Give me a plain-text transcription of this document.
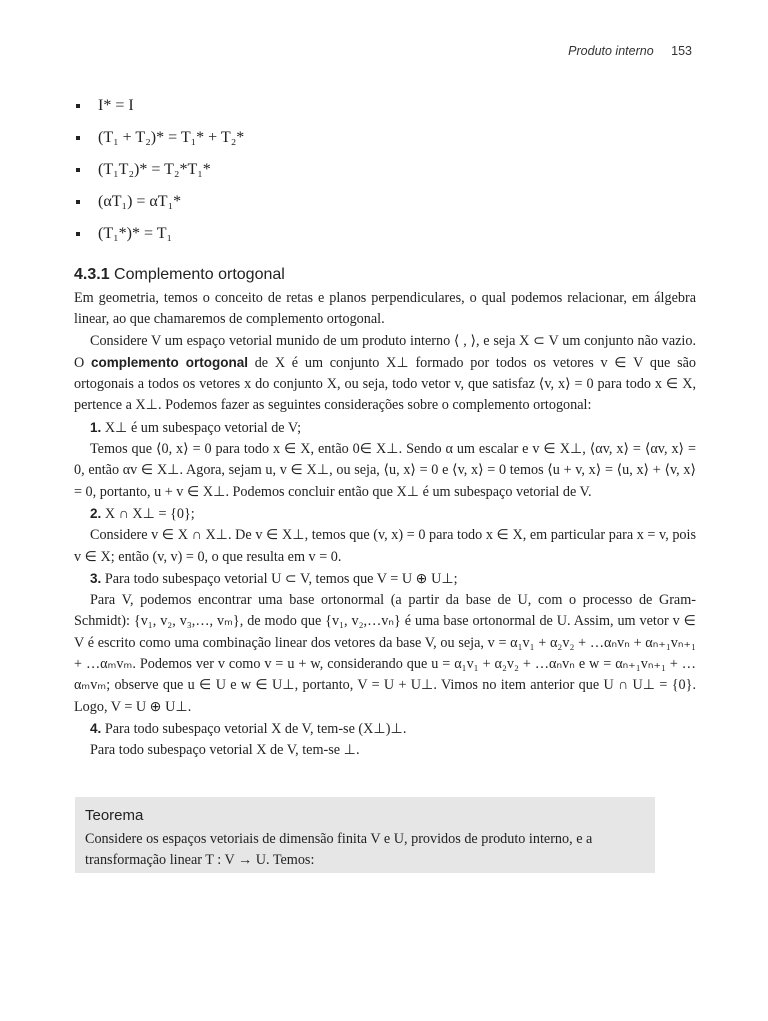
Produto interno 153
I* = I
(T₁ + T₂)* = T₁* + T₂*
(T₁T₂)* = T₂*T₁*
(αT₁) = αT₁*
(T₁*)* = T₁
4.3.1 Complemento ortogonal

Em geometria, temos o conceito de retas e planos perpendiculares, o qual podemos relacionar, em álgebra linear, ao que chamaremos de complemento ortogonal.

Considere V um espaço vetorial munido de um produto interno ⟨ , ⟩, e seja X ⊂ V um conjunto não vazio. O complemento ortogonal de X é um conjunto X⊥ formado por todos os vetores v ∈ V que são ortogonais a todos os vetores x do conjunto X, ou seja, todo vetor v, que satisfaz ⟨v, x⟩ = 0 para todo x ∈ X, pertence a X⊥. Podemos fazer as seguintes considerações sobre o complemento ortogonal:

1. X⊥ é um subespaço vetorial de V;

Temos que ⟨0, x⟩ = 0 para todo x ∈ X, então 0∈ X⊥. Sendo α um escalar e v ∈ X⊥, ⟨αv, x⟩ = ⟨αv, x⟩ = 0, então αv ∈ X⊥. Agora, sejam u, v ∈ X⊥, ou seja, ⟨u, x⟩ = 0 e ⟨v, x⟩ = 0 temos ⟨u + v, x⟩ = ⟨u, x⟩ + ⟨v, x⟩ = 0, portanto, u + v ∈ X⊥. Podemos concluir então que X⊥ é um subespaço vetorial de V.

2. X ∩ X⊥ = {0};

Considere v ∈ X ∩ X⊥. De v ∈ X⊥, temos que (v, x) = 0 para todo x ∈ X, em particular para x = v, pois v ∈ X; então (v, v) = 0, o que resulta em v = 0.

3. Para todo subespaço vetorial U ⊂ V, temos que V = U ⊕ U⊥;

Para V, podemos encontrar uma base ortonormal (a partir da base de U, com o processo de Gram-Schmidt): {v₁, v₂, v₃,…, vₘ}, de modo que {v₁, v₂,…vₙ} é uma base ortonormal de U. Assim, um vetor v ∈ V é escrito como uma combinação linear dos vetores da base V, ou seja, v = α₁v₁ + α₂v₂ + …αₙvₙ + αₙ₊₁vₙ₊₁ + …αₘvₘ. Podemos ver v como v = u + w, considerando que u = α₁v₁ + α₂v₂ + …αₙvₙ e w = αₙ₊₁vₙ₊₁ + …αₘvₘ; observe que u ∈ U e w ∈ U⊥, portanto, V = U + U⊥. Vimos no item anterior que U ∩ U⊥ = {0}. Logo, V = U ⊕ U⊥.

4. Para todo subespaço vetorial X de V, tem-se (X⊥)⊥.

Para todo subespaço vetorial X de V, tem-se ⊥.

Teorema
Considere os espaços vetoriais de dimensão finita V e U, providos de produto interno, e a transformação linear T : V → U. Temos:
